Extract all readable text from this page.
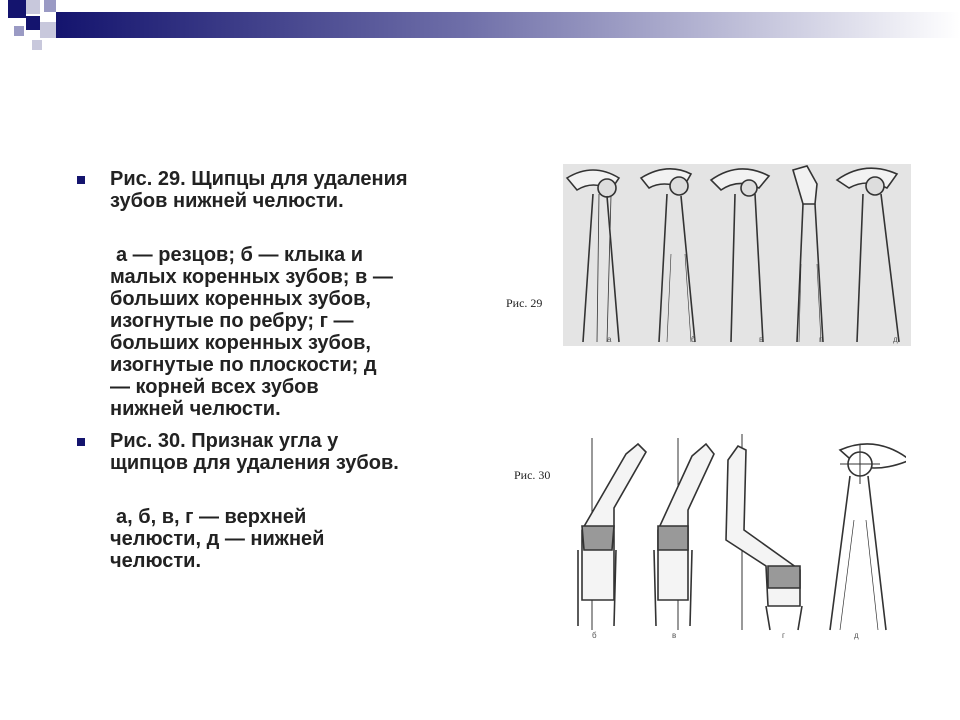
Рис. 29. Щипцы для удаления зубов нижней челюсти.
а — резцов; б — клыка и
малых коренных зубов; в —
больших коренных зубов,
изогнутые по ребру; г —
больших коренных зубов,
изогнутые по плоскости; д
— корней всех зубов
нижней челюсти.
Рис. 30. Признак угла у щипцов для удаления зубов.
а, б, в, г — верхней
челюсти, д — нижней
челюсти.
Рис. 29
а	б	в	г	д
Рис. 30
б	в	г	д
